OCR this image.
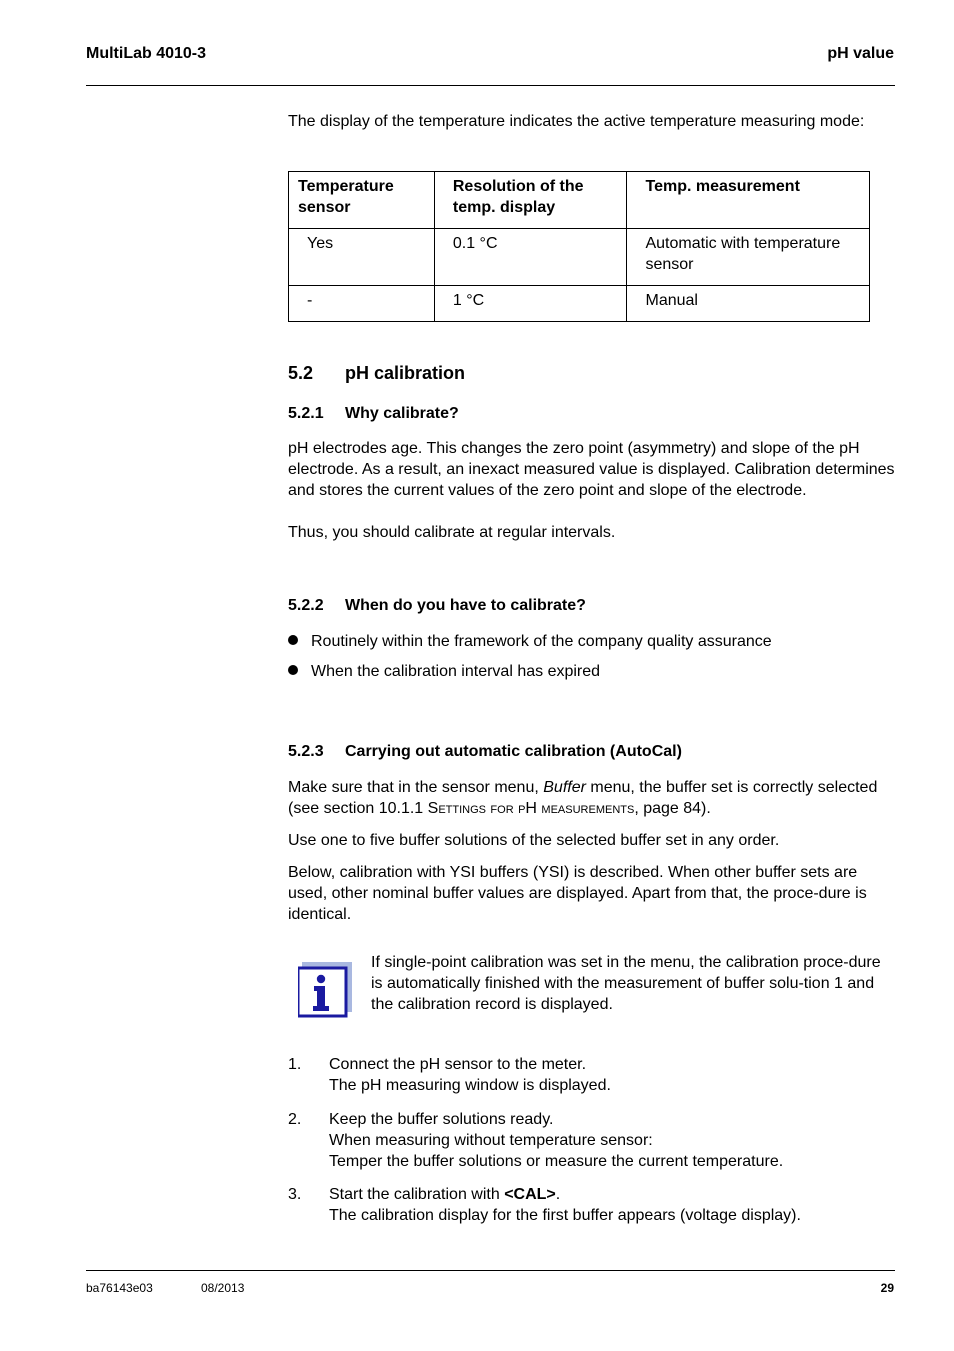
MultiLab 4010-3	pH value

The display of the temperature indicates the active temperature measuring mode:

Temperature sensor	Resolution of the temp. display	Temp. measurement
Yes	0.1 °C	Automatic with temperature sensor
-	1 °C	Manual
5.2 pH calibration
5.2.1 Why calibrate?

pH electrodes age. This changes the zero point (asymmetry) and slope of the pH electrode. As a result, an inexact measured value is displayed. Calibration determines and stores the current values of the zero point and slope of the electrode.

Thus, you should calibrate at regular intervals.

5.2.2 When do you have to calibrate?
Routinely within the framework of the company quality assurance
When the calibration interval has expired
5.2.3 Carrying out automatic calibration (AutoCal)

Make sure that in the sensor menu, Buffer menu, the buffer set is correctly selected (see section 10.1.1 Settings for pH measurements, page 84).

Use one to five buffer solutions of the selected buffer set in any order.

Below, calibration with YSI buffers (YSI) is described. When other buffer sets are used, other nominal buffer values are displayed. Apart from that, the proce-dure is identical.

If single-point calibration was set in the menu, the calibration proce-dure is automatically finished with the measurement of buffer solu-tion 1 and the calibration record is displayed.

1. Connect the pH sensor to the meter.
The pH measuring window is displayed.
2. Keep the buffer solutions ready.
When measuring without temperature sensor:
Temper the buffer solutions or measure the current temperature.
3. Start the calibration with <CAL>.
The calibration display for the first buffer appears (voltage display).
ba76143e03	08/2013	29
